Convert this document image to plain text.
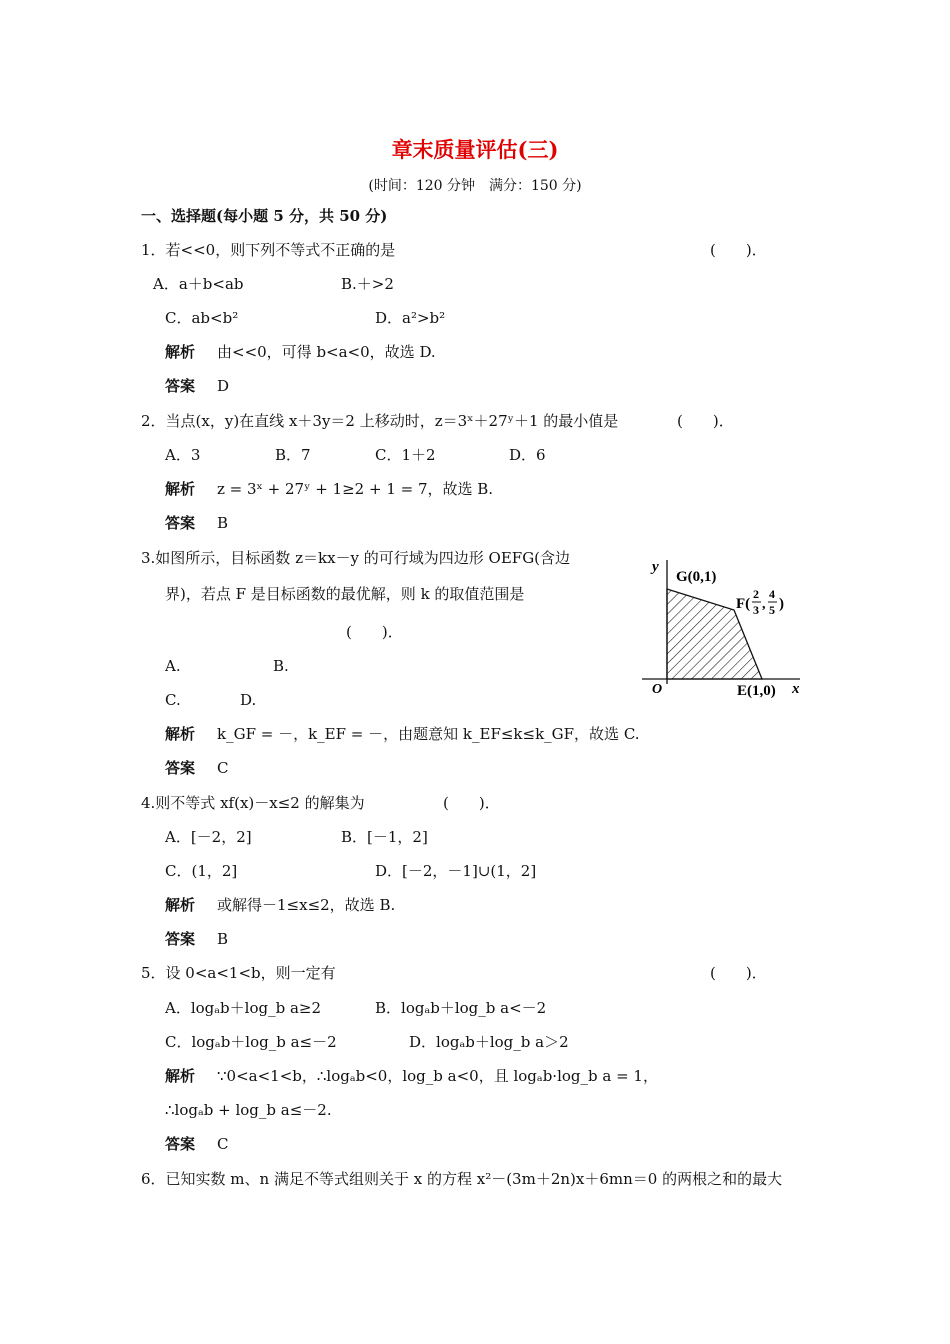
章末质量评估(三)
(时间：120 分钟　满分：150 分)
一、选择题(每小题 5 分，共 50 分)
1．若<<0，则下列不等式不正确的是	(　　)．
A．a＋b<ab	B.＋>2
C．ab<b²	D．a²>b²
解析 由<<0，可得 b<a<0，故选 D.
答案 D
2．当点(x，y)在直线 x＋3y＝2 上移动时，z＝3ˣ＋27ʸ＋1 的最小值是	(　　)．
A．3	B．7	C．1＋2	D．6
解析 z = 3ˣ + 27ʸ + 1≥2 + 1 = 7，故选 B.
答案 B
3.如图所示，目标函数 z＝kx－y 的可行域为四边形 OEFG(含边
界)，若点 F 是目标函数的最优解，则 k 的取值范围是
(　　)．
A.	B.
C.	D.
解析 k_GF = －，k_EF = －，由题意知 k_EF≤k≤k_GF，故选 C.
答案 C
y
x
O
G(0,1)
F(
2
3 ,
4
5 )
E(1,0)
4.则不等式 xf(x)－x≤2 的解集为	(　　)．
A．[－2，2]	B．[－1，2]
C．(1，2]	D．[－2，－1]∪(1，2]
解析 或解得－1≤x≤2，故选 B.
答案 B
5．设 0<a<1<b，则一定有	(　　)．
A．logₐb＋log_b a≥2	B．logₐb＋log_b a<－2
C．logₐb＋log_b a≤－2	D．logₐb＋log_b a＞2
解析 ∵0<a<1<b，∴logₐb<0，log_b a<0，且 logₐb·log_b a = 1，
∴logₐb + log_b a≤－2.
答案 C
6．已知实数 m、n 满足不等式组则关于 x 的方程 x²－(3m＋2n)x＋6mn＝0 的两根之和的最大
